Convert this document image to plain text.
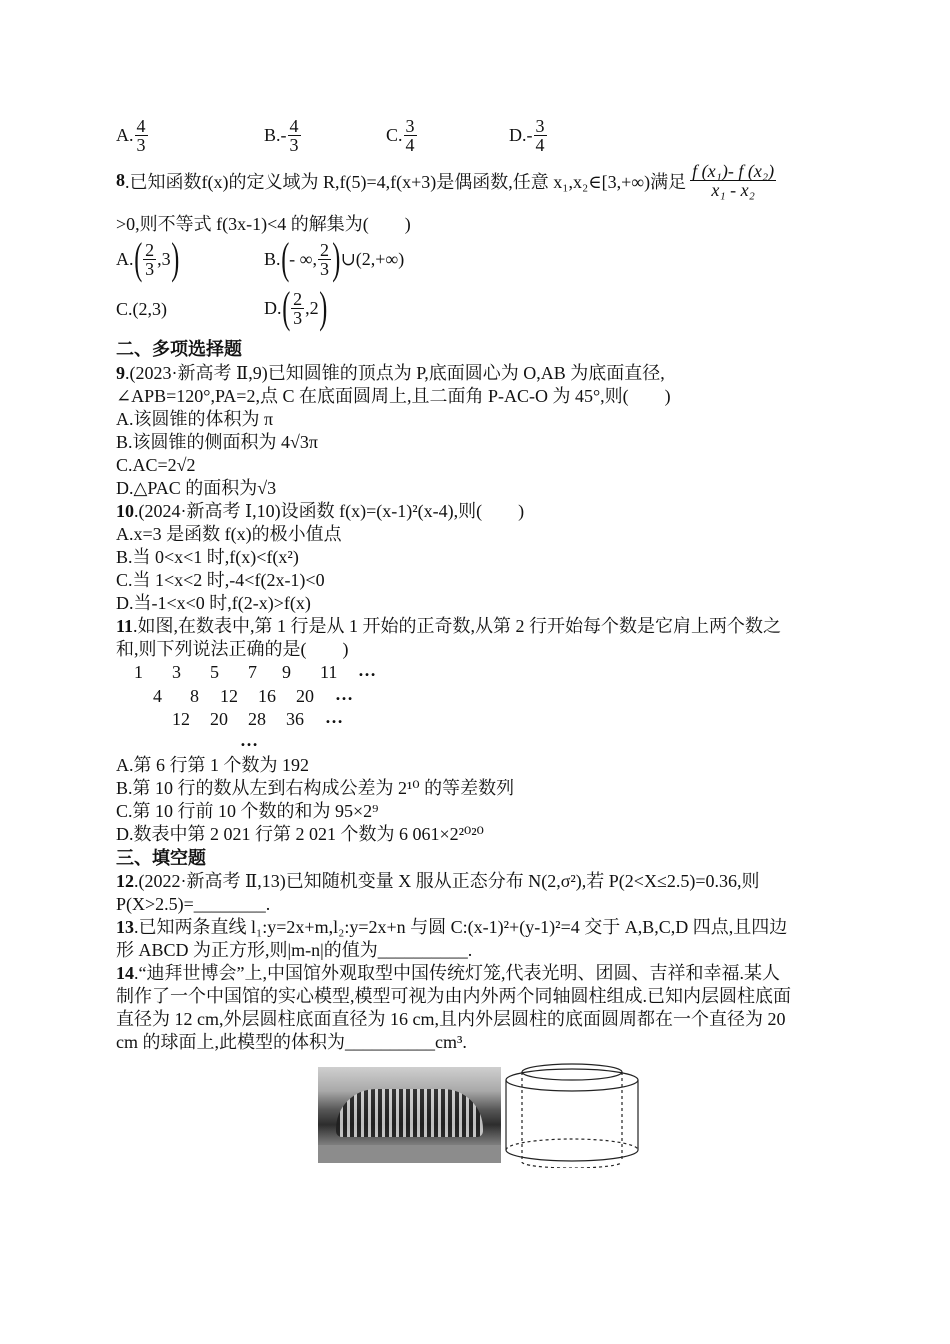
A. $\frac{4}{3}$	$B.- \frac{4}{3}$	C. $\frac{3}{4}$	$D.- \frac{3}{4}$
8 .已知函数 f(x)的定义域为 R,f(5)=4,f(x+3)是偶函数,任意 x₁,x₂∈[3,+∞)满足 $\frac{\text{f (x₁)- f (x₂)}}{\text{x₁ - x₂}}$
>0,则不等式 f(3x-1)<4 的解集为(　　)
A. ( $\frac{2}{3} ,3$ )	B. ( - ∞, $\frac{2}{3}$ ) ∪(2,+∞)
C.(2,3)	D. ( $\frac{2}{3} ,2$ )
二、多项选择题
9.(2023·新高考 Ⅱ,9)已知圆锥的顶点为 P,底面圆心为 O,AB 为底面直径,
∠APB=120°,PA=2,点 C 在底面圆周上,且二面角 P-AC-O 为 45°,则(　　)
A.该圆锥的体积为 π
B.该圆锥的侧面积为 4√3π
C.AC=2√2
D.△PAC 的面积为√3
10.(2024·新高考 Ⅰ,10)设函数 f(x)=(x-1)²(x-4),则(　　)
A.x=3 是函数 f(x)的极小值点
B.当 0<x<1 时,f(x)<f(x²)
C.当 1<x<2 时,-4<f(2x-1)<0
D.当-1<x<0 时,f(2-x)>f(x)
11.如图,在数表中,第 1 行是从 1 开始的正奇数,从第 2 行开始每个数是它肩上两个数之
和,则下列说法正确的是(　　)
1 3 5 7 9 11 …
4 8 12 16 20 …
12 20 28 36 …
…
A.第 6 行第 1 个数为 192
B.第 10 行的数从左到右构成公差为 2¹⁰ 的等差数列
C.第 10 行前 10 个数的和为 95×2⁹
D.数表中第 2 021 行第 2 021 个数为 6 061×2²⁰²⁰
三、填空题
12.(2022·新高考 Ⅱ,13)已知随机变量 X 服从正态分布 N(2,σ²),若 P(2<X≤2.5)=0.36,则
P(X>2.5)=________.
13.已知两条直线 l₁:y=2x+m,l₂:y=2x+n 与圆 C:(x-1)²+(y-1)²=4 交于 A,B,C,D 四点,且四边
形 ABCD 为正方形,则|m-n|的值为__________.
14.“迪拜世博会”上,中国馆外观取型中国传统灯笼,代表光明、团圆、吉祥和幸福.某人
制作了一个中国馆的实心模型,模型可视为由内外两个同轴圆柱组成.已知内层圆柱底面
直径为 12 cm,外层圆柱底面直径为 16 cm,且内外层圆柱的底面圆周都在一个直径为 20
cm 的球面上,此模型的体积为__________cm³.
